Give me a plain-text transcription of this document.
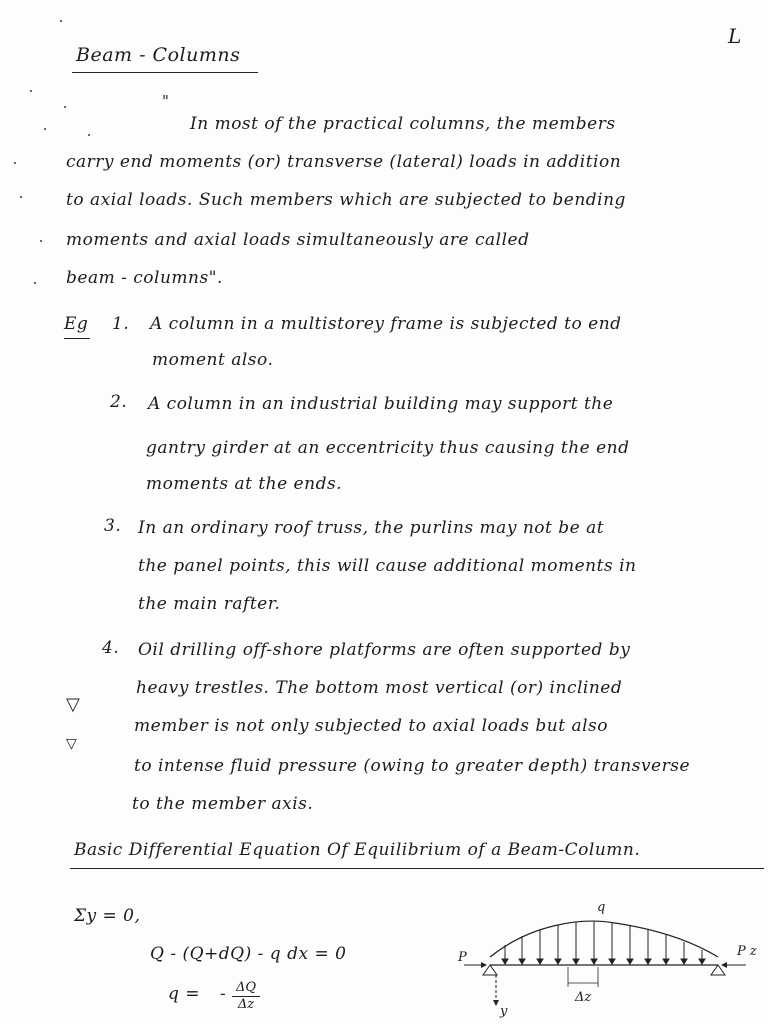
L
Beam - Columns
"
In most of the practical columns, the members
carry end moments (or) transverse (lateral) loads in addition
to axial loads. Such members which are subjected to bending
moments and axial loads simultaneously are called
beam - columns".
Eg 1. A column in a multistorey frame is subjected to end
moment also.
2. A column in an industrial building may support the
gantry girder at an eccentricity thus causing the end
moments at the ends.
3. In an ordinary roof truss, the purlins may not be at
the panel points, this will cause additional moments in
the main rafter.
4. Oil drilling off-shore platforms are often supported by
heavy trestles. The bottom most vertical (or) inclined
member is not only subjected to axial loads but also
to intense fluid pressure (owing to greater depth) transverse
to the member axis.
▽
▽
Basic Differential Equation Of Equilibrium of a Beam-Column.
Σy = 0,
Q - (Q+dQ) - q dx = 0
q = - $\frac{\Delta Q}{\Delta z}$
q
P	P z
Δz
y
